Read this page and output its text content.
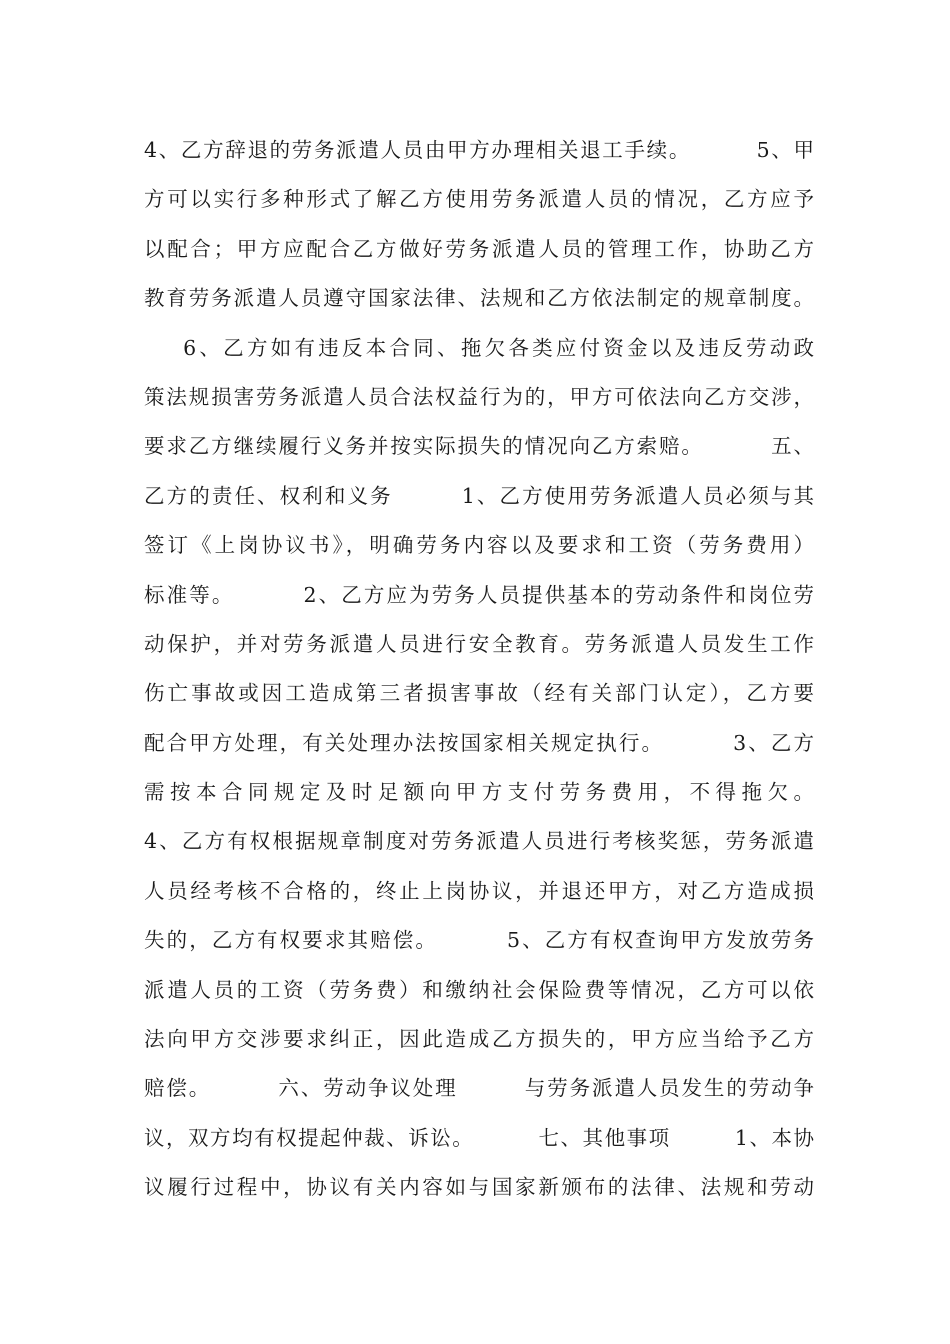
4、乙方辞退的劳务派遣人员由甲方办理相关退工手续。        5、甲
方可以实行多种形式了解乙方使用劳务派遣人员的情况，乙方应予
以配合；甲方应配合乙方做好劳务派遣人员的管理工作，协助乙方
教育劳务派遣人员遵守国家法律、法规和乙方依法制定的规章制度。
6、乙方如有违反本合同、拖欠各类应付资金以及违反劳动政
策法规损害劳务派遣人员合法权益行为的，甲方可依法向乙方交涉，
要求乙方继续履行义务并按实际损失的情况向乙方索赔。        五、
乙方的责任、权利和义务        1、乙方使用劳务派遣人员必须与其
签订《上岗协议书》，明确劳务内容以及要求和工资（劳务费用）
标准等。        2、乙方应为劳务人员提供基本的劳动条件和岗位劳
动保护，并对劳务派遣人员进行安全教育。劳务派遣人员发生工作
伤亡事故或因工造成第三者损害事故（经有关部门认定），乙方要
配合甲方处理，有关处理办法按国家相关规定执行。        3、乙方
需按本合同规定及时足额向甲方支付劳务费用，不得拖欠。
4、乙方有权根据规章制度对劳务派遣人员进行考核奖惩，劳务派遣
人员经考核不合格的，终止上岗协议，并退还甲方，对乙方造成损
失的，乙方有权要求其赔偿。        5、乙方有权查询甲方发放劳务
派遣人员的工资（劳务费）和缴纳社会保险费等情况，乙方可以依
法向甲方交涉要求纠正，因此造成乙方损失的，甲方应当给予乙方
赔偿。        六、劳动争议处理        与劳务派遣人员发生的劳动争
议，双方均有权提起仲裁、诉讼。        七、其他事项        1、本协
议履行过程中，协议有关内容如与国家新颁布的法律、法规和劳动
